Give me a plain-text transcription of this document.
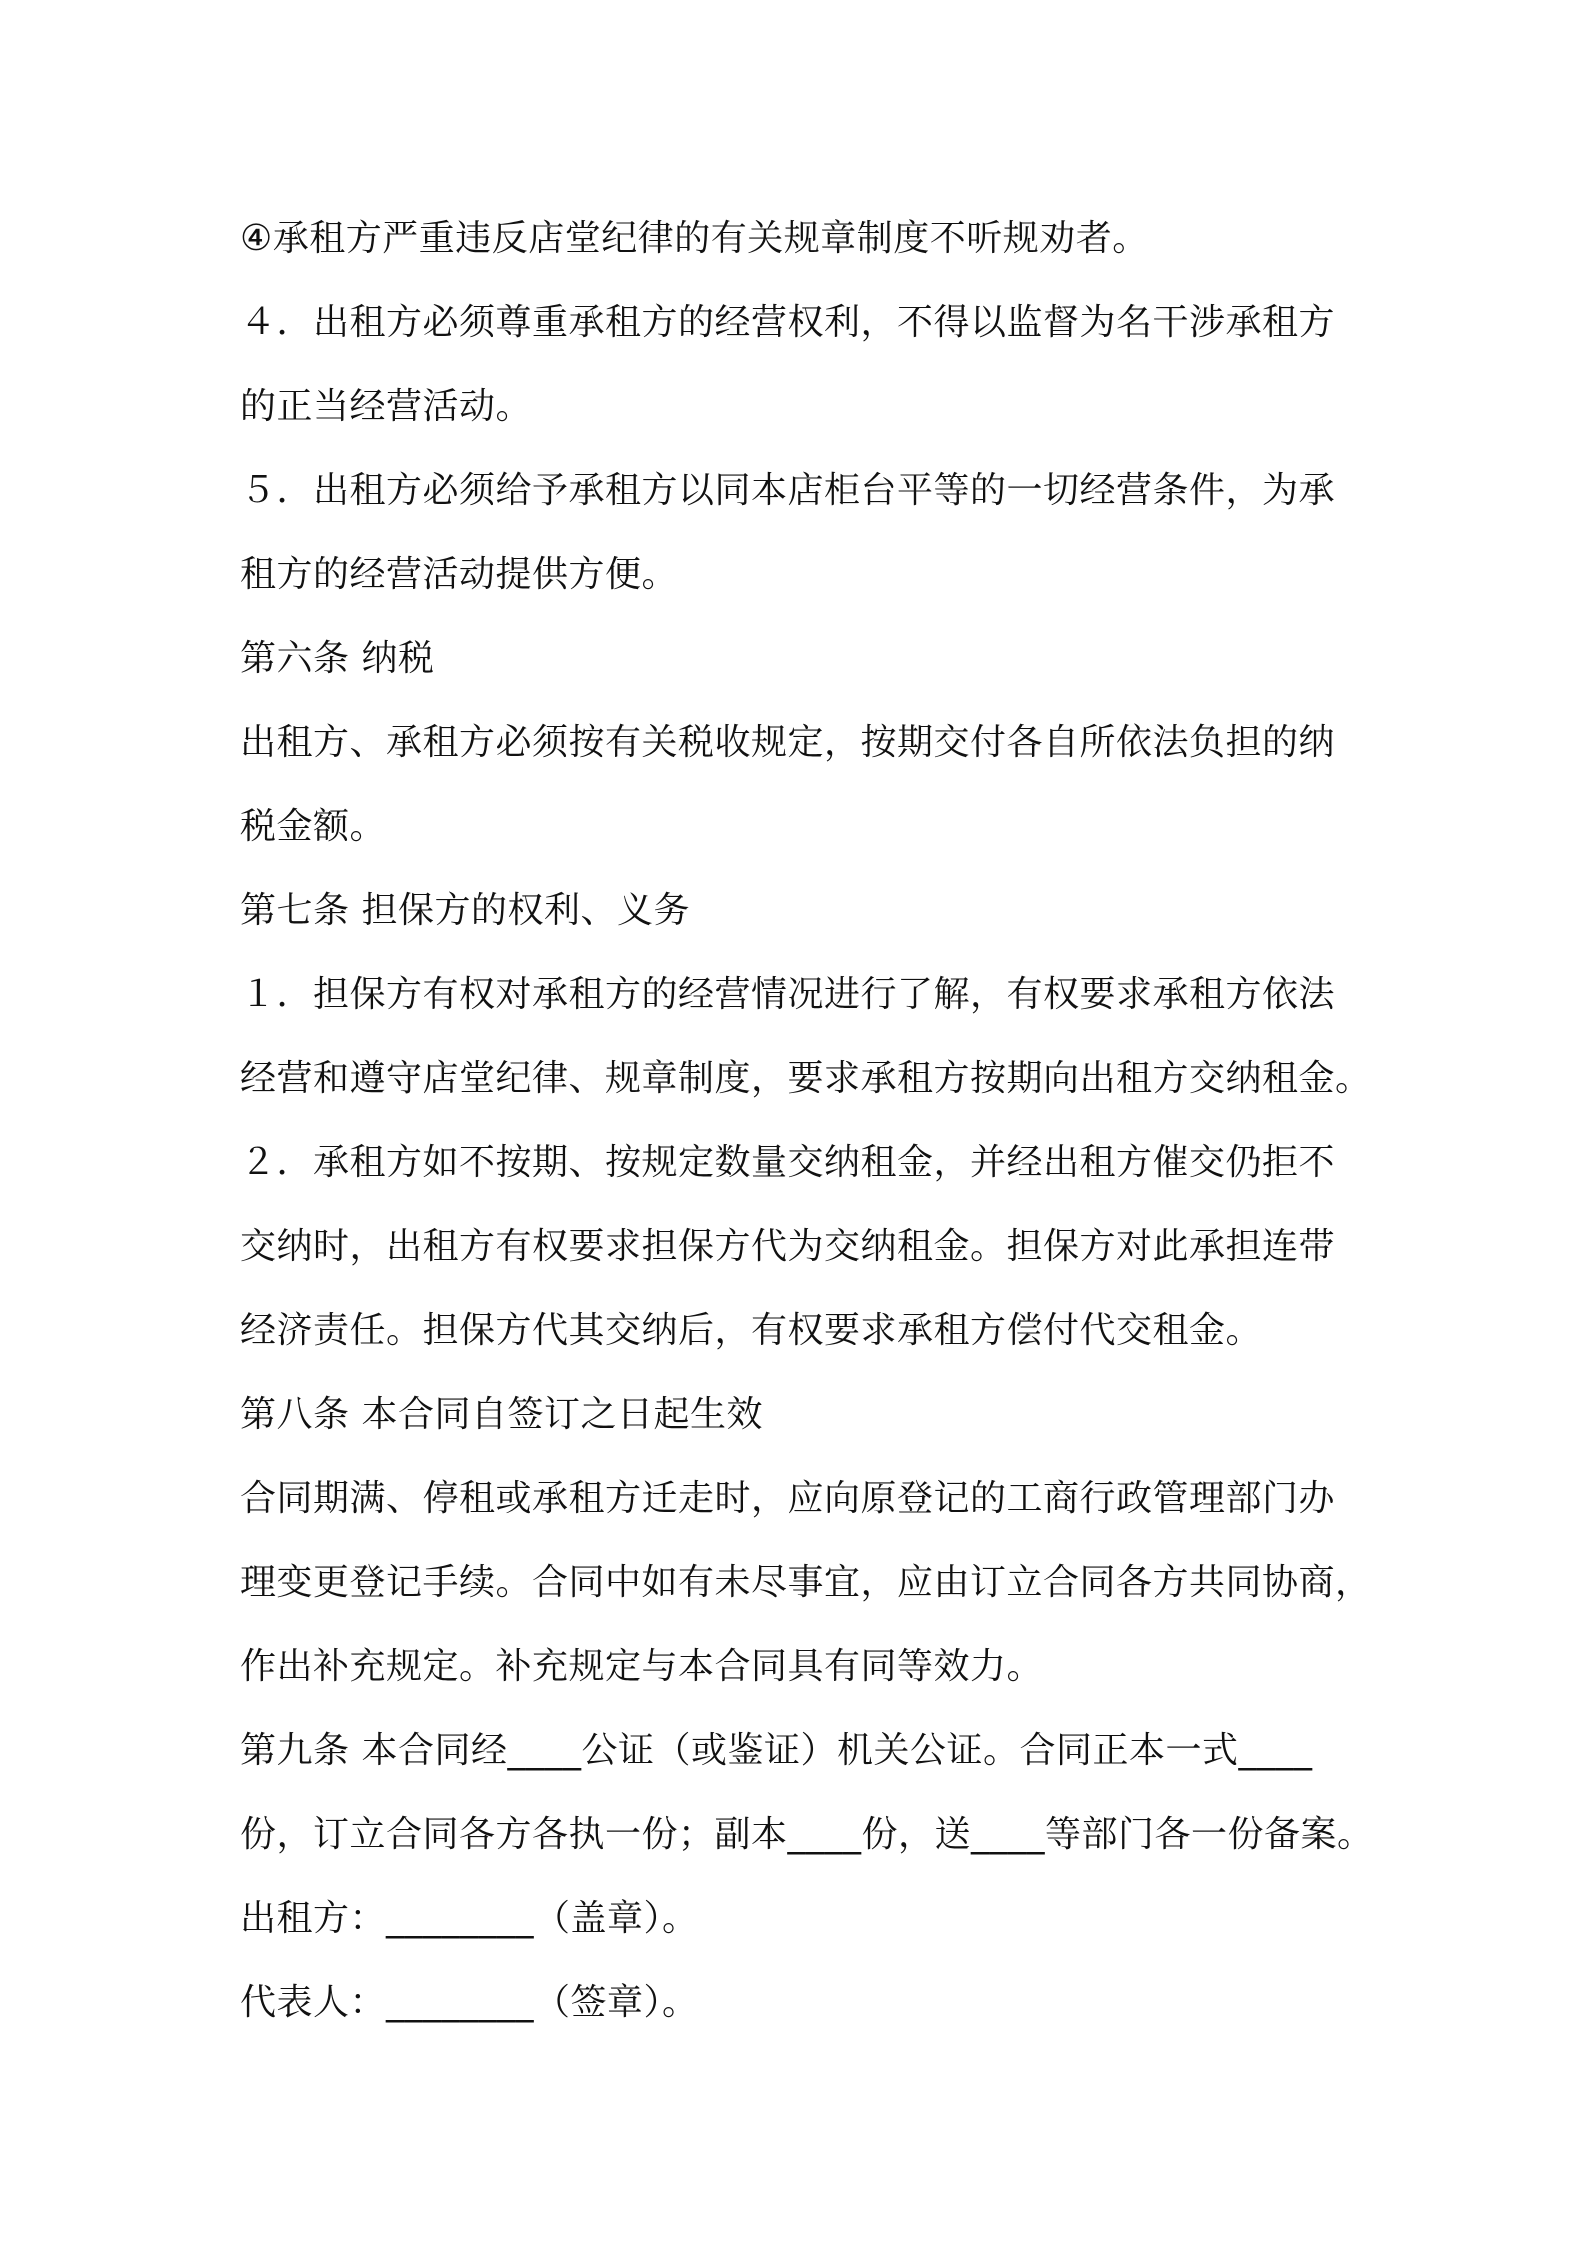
④承租方严重违反店堂纪律的有关规章制度不听规劝者。
４．出租方必须尊重承租方的经营权利，不得以监督为名干涉承租方
的正当经营活动。
５．出租方必须给予承租方以同本店柜台平等的一切经营条件，为承
租方的经营活动提供方便。
第六条 纳税
出租方、承租方必须按有关税收规定，按期交付各自所依法负担的纳
税金额。
第七条 担保方的权利、义务
１．担保方有权对承租方的经营情况进行了解，有权要求承租方依法
经营和遵守店堂纪律、规章制度，要求承租方按期向出租方交纳租金。
２．承租方如不按期、按规定数量交纳租金，并经出租方催交仍拒不
交纳时，出租方有权要求担保方代为交纳租金。担保方对此承担连带
经济责任。担保方代其交纳后，有权要求承租方偿付代交租金。
第八条 本合同自签订之日起生效
合同期满、停租或承租方迁走时，应向原登记的工商行政管理部门办
理变更登记手续。合同中如有未尽事宜，应由订立合同各方共同协商，
作出补充规定。补充规定与本合同具有同等效力。
第九条 本合同经____公证（或鉴证）机关公证。合同正本一式____
份，订立合同各方各执一份；副本____份，送____等部门各一份备案。
出租方：________（盖章）。
代表人：________（签章）。
